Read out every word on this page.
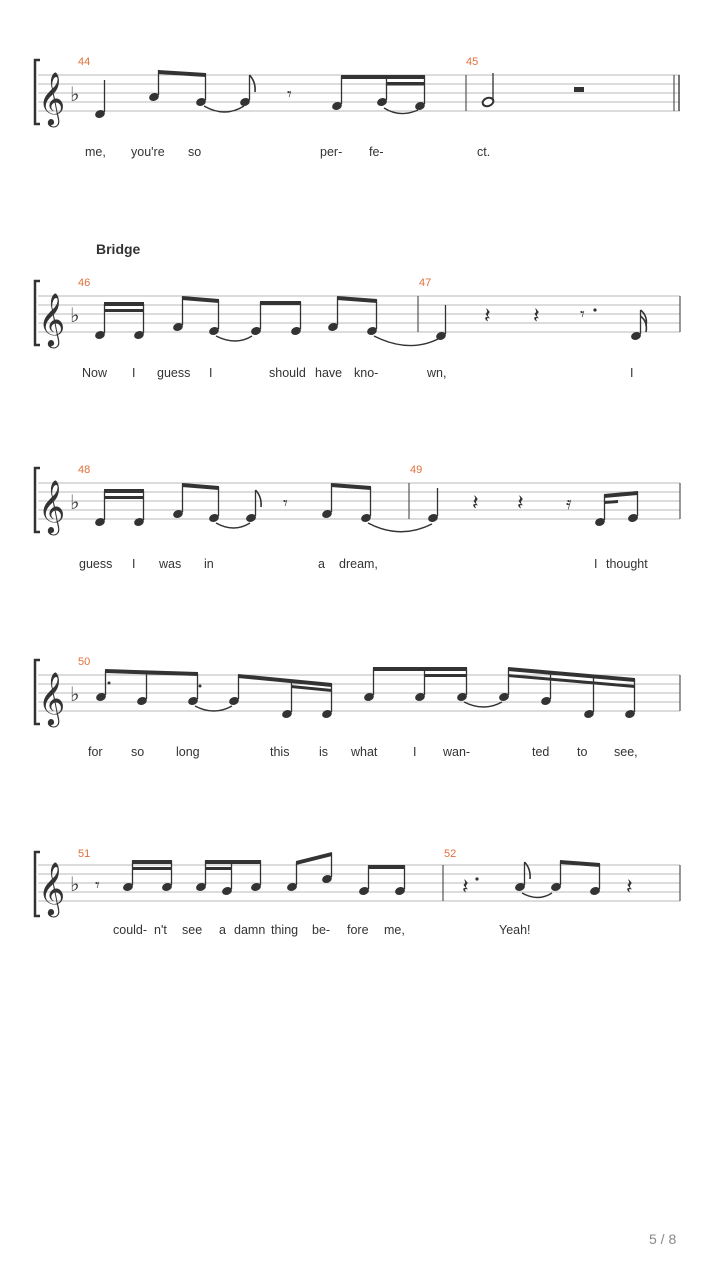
𝄞 ♭
44	45
𝄾
me, you're so	per- fe-	ct.
Bridge
𝄞 ♭
46	47
𝄽 𝄽 𝄾
Now I guess I	should have kno-	wn,	I
𝄞 ♭
48	49
𝄾	𝄽 𝄽 𝄿
guess I was in	a dream,	I thought
𝄞 ♭
50
for so	long	this is what	I wan-	ted to see,
𝄞 ♭
51	52
𝄾	𝄽	𝄽
could- n't see a damn thing be- fore me,	Yeah!
5 / 8
